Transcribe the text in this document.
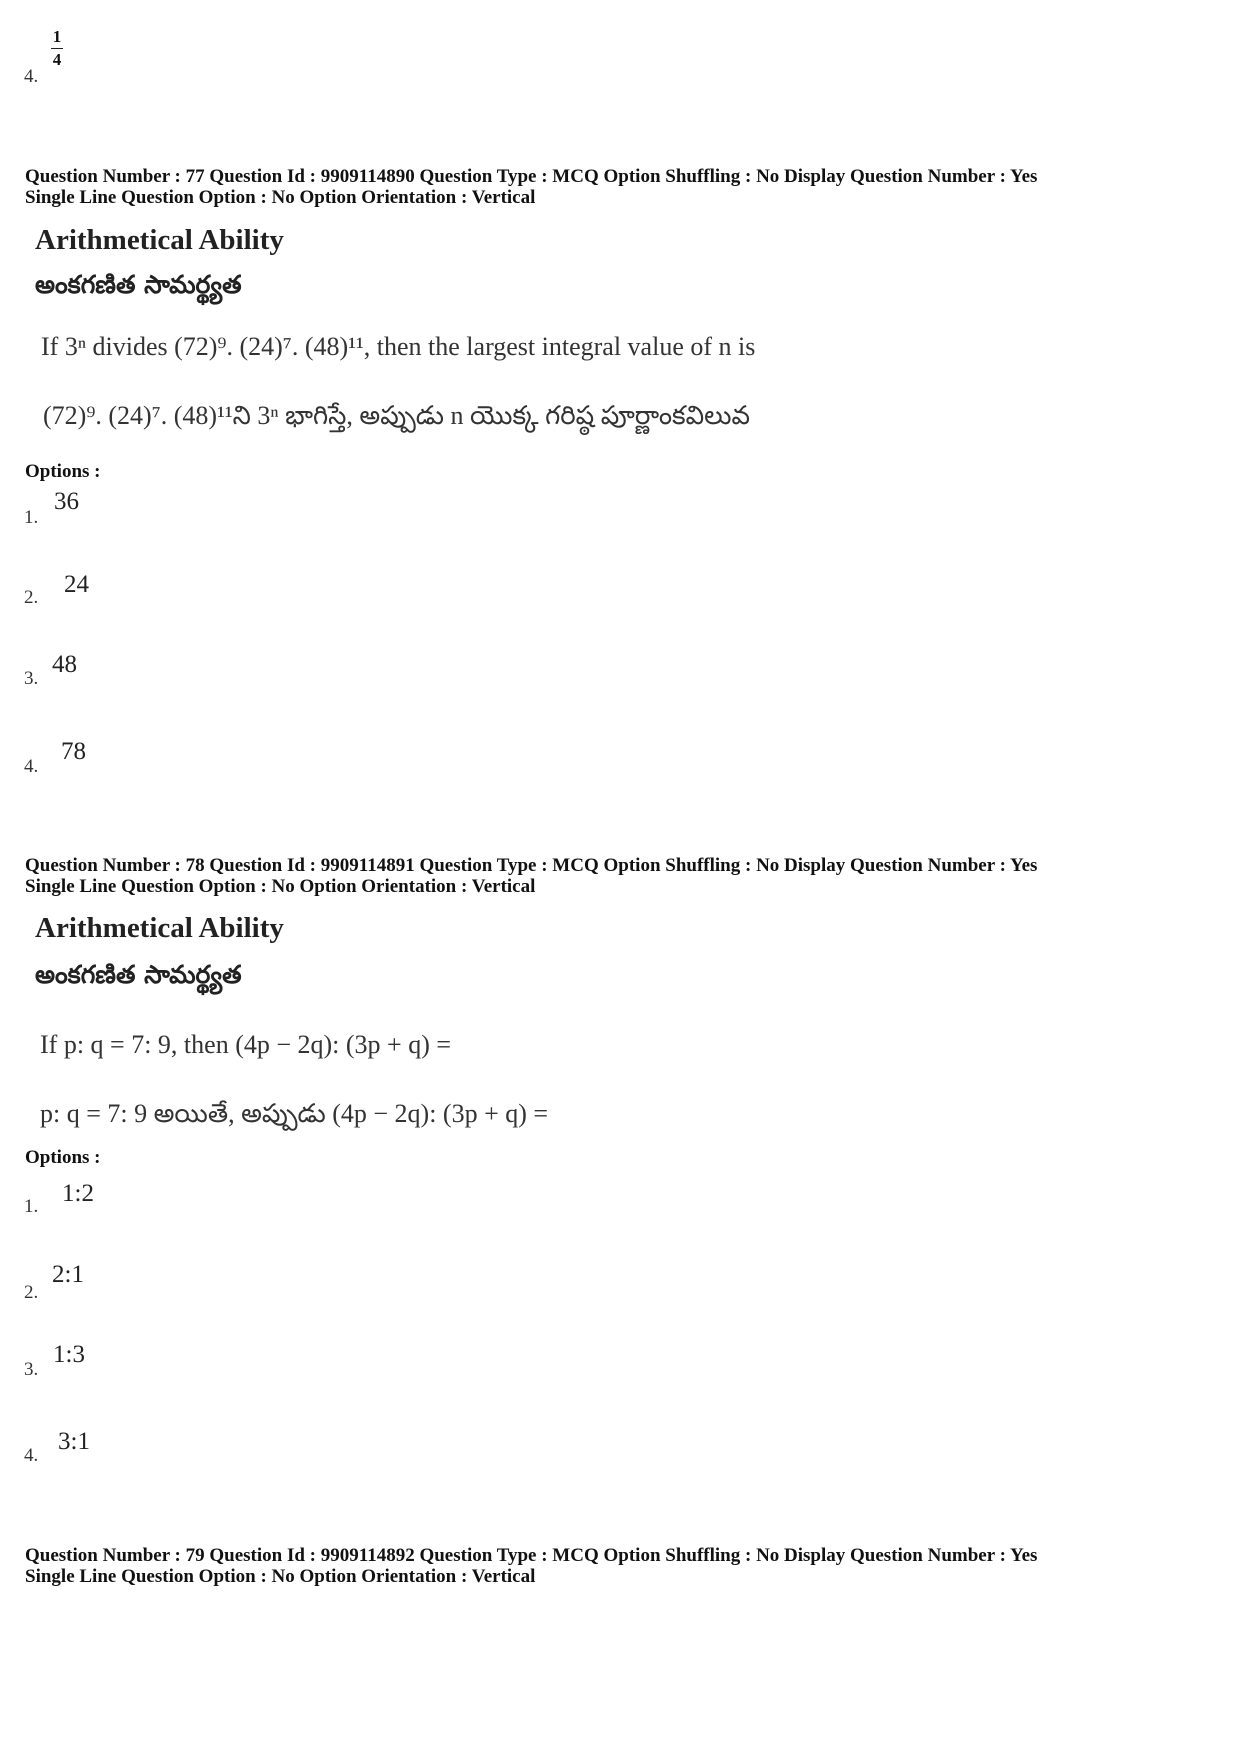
4.
1
4
Question Number : 77 Question Id : 9909114890 Question Type : MCQ Option Shuffling : No Display Question Number : Yes
Single Line Question Option : No Option Orientation : Vertical
Arithmetical Ability
అంకగణిత సామర్థ్యత
If 3ⁿ divides (72)⁹. (24)⁷. (48)¹¹, then the largest integral value of n is
(72)⁹. (24)⁷. (48)¹¹ని 3ⁿ భాగిస్తే, అప్పుడు n యొక్క గరిష్ఠ పూర్ణాంకవిలువ
Options :
1.
36
2. 24
3.
48
4.
78
Question Number : 78 Question Id : 9909114891 Question Type : MCQ Option Shuffling : No Display Question Number : Yes
Single Line Question Option : No Option Orientation : Vertical
Arithmetical Ability
అంకగణిత సామర్థ్యత
If p: q = 7: 9, then (4p − 2q): (3p + q) =
p: q = 7: 9 అయితే, అప్పుడు (4p − 2q): (3p + q) =
Options :
1. 1:2
2.
2:1
3.
1:3
4.
3:1
Question Number : 79 Question Id : 9909114892 Question Type : MCQ Option Shuffling : No Display Question Number : Yes
Single Line Question Option : No Option Orientation : Vertical
